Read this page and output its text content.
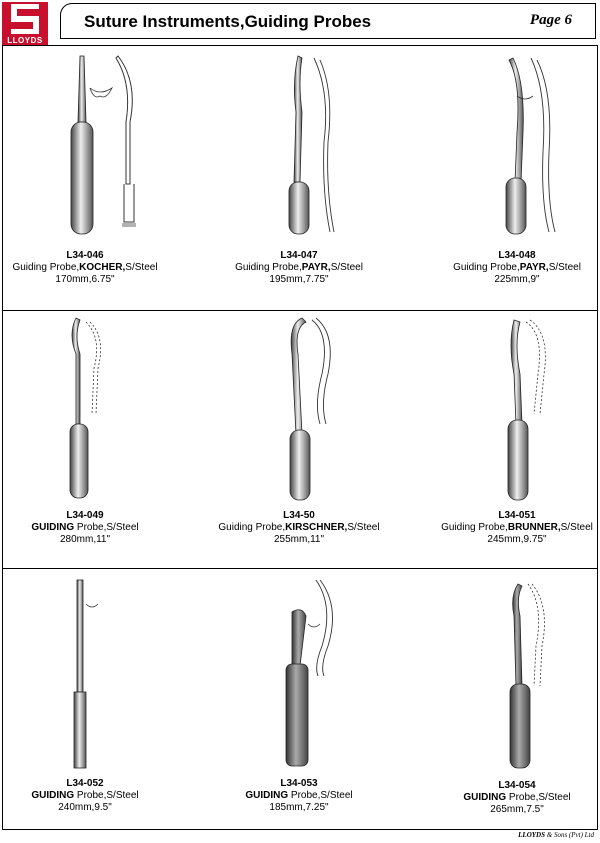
LLOYDS
Suture Instruments,Guiding Probes	Page 6
L34-046
Guiding Probe,KOCHER,S/Steel
170mm,6.75"
L34-047
Guiding Probe,PAYR,S/Steel
195mm,7.75"
L34-048
Guiding Probe,PAYR,S/Steel
225mm,9"
L34-049
GUIDING Probe,S/Steel
280mm,11"
L34-50
Guiding Probe,KIRSCHNER,S/Steel
255mm,11"
L34-051
Guiding Probe,BRUNNER,S/Steel
245mm,9.75"
L34-052
GUIDING Probe,S/Steel
240mm,9.5"
L34-053
GUIDING Probe,S/Steel
185mm,7.25"
L34-054
GUIDING Probe,S/Steel
265mm,7.5"
LLOYDS & Sons (Pvt) Ltd
